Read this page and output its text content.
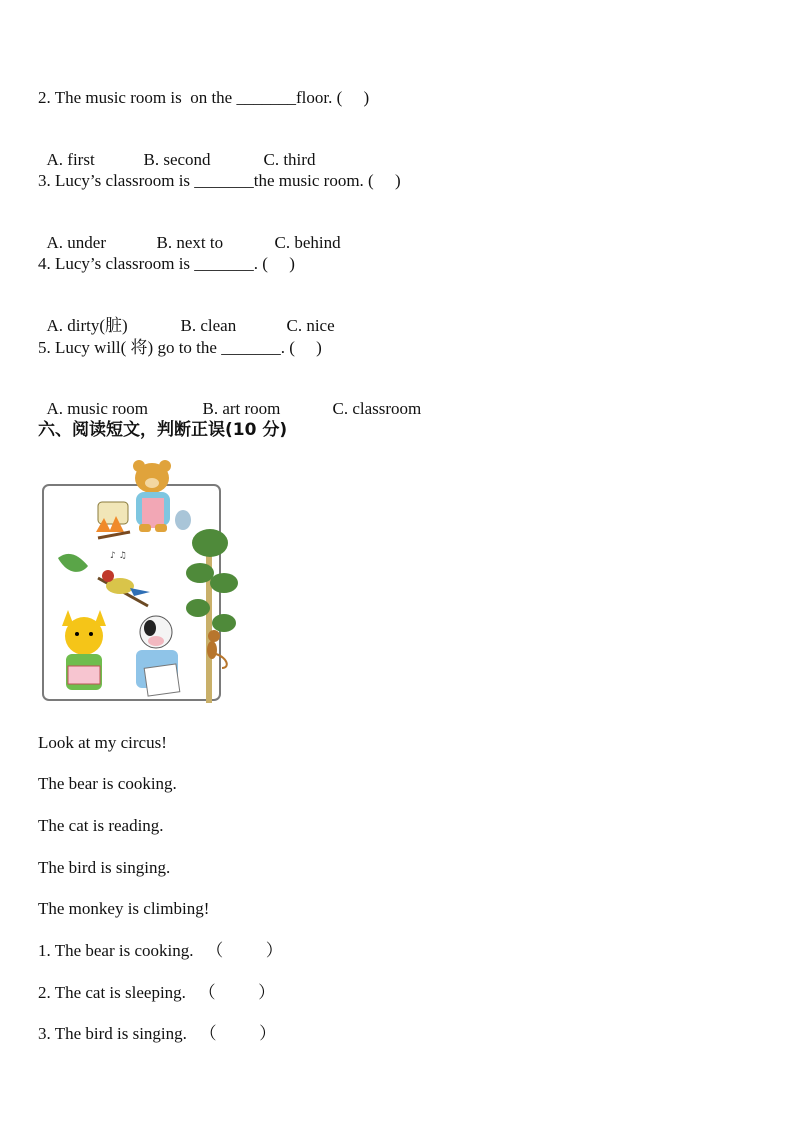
2. The music room is  on the _______floor. (     )

A. first	B. second	C. third

3. Lucy’s classroom is _______the music room. (     )

A. under	B. next to	C. behind

4. Lucy’s classroom is _______. (     )

A. dirty(脏)	B. clean	C. nice

5. Lucy will( 将) go to the _______. (     )

A. music room	B. art room	C. classroom

六、阅读短文，判断正误(10 分)
♪ ♫
Look at my circus!
The bear is cooking.
The cat is reading.
The bird is singing.
The monkey is climbing!
1. The bear is cooking.   （          ）
2. The cat is sleeping.   （          ）
3. The bird is singing.   （          ）
